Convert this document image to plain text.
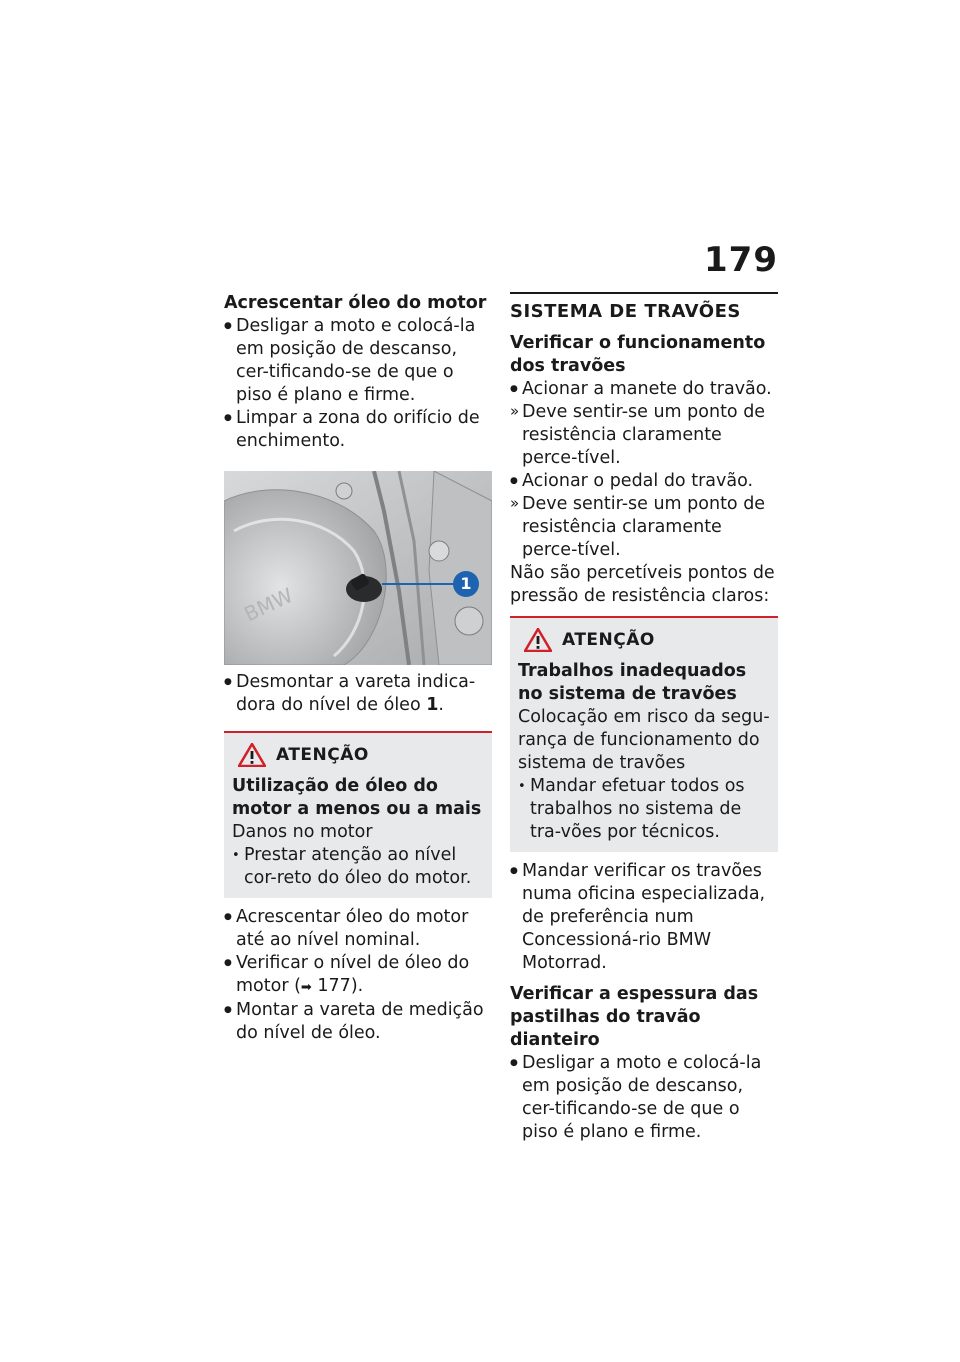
179

Acrescentar óleo do motor

● Desligar a moto e colocá-la em posição de descanso, cer-tificando-se de que o piso é plano e firme.
● Limpar a zona do orifício de enchimento.
BMW	1
● Desmontar a vareta indica-dora do nível de óleo 1.
ATENÇÃO

Utilização de óleo do motor a menos ou a mais

Danos no motor

• Prestar atenção ao nível cor-reto do óleo do motor.
● Acrescentar óleo do motor até ao nível nominal.
● Verificar o nível de óleo do motor (➡ 177).
● Montar a vareta de medição do nível de óleo.
SISTEMA DE TRAVÕES

Verificar o funcionamento dos travões

● Acionar a manete do travão.
» Deve sentir-se um ponto de resistência claramente perce-tível.
● Acionar o pedal do travão.
» Deve sentir-se um ponto de resistência claramente perce-tível.

Não são percetíveis pontos de pressão de resistência claros:

ATENÇÃO

Trabalhos inadequados no sistema de travões

Colocação em risco da segu-rança de funcionamento do sistema de travões

• Mandar efetuar todos os trabalhos no sistema de tra-vões por técnicos.
● Mandar verificar os travões numa oficina especializada, de preferência num Concessioná-rio BMW Motorrad.

Verificar a espessura das pastilhas do travão dianteiro

● Desligar a moto e colocá-la em posição de descanso, cer-tificando-se de que o piso é plano e firme.
